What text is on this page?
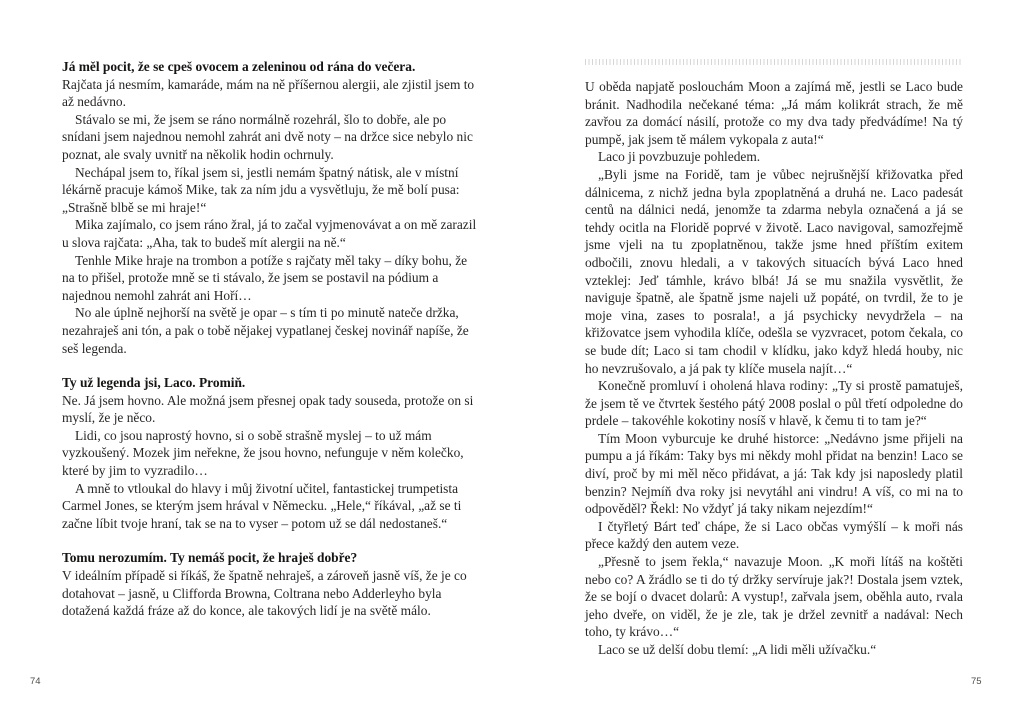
Já měl pocit, že se cpeš ovocem a zeleninou od rána do večera.

Rajčata já nesmím, kamaráde, mám na ně příšernou alergii, ale zjistil jsem to až nedávno.

Stávalo se mi, že jsem se ráno normálně rozehrál, šlo to dobře, ale po snídani jsem najednou nemohl zahrát ani dvě noty – na držce sice nebylo nic poznat, ale svaly uvnitř na několik hodin ochrnuly.

Nechápal jsem to, říkal jsem si, jestli nemám špatný nátisk, ale v místní lékárně pracuje kámoš Mike, tak za ním jdu a vysvětluju, že mě bolí pusa: „Strašně blbě se mi hraje!“

Mika zajímalo, co jsem ráno žral, já to začal vyjmenovávat a on mě zarazil u slova rajčata: „Aha, tak to budeš mít alergii na ně.“

Tenhle Mike hraje na trombon a potíže s rajčaty měl taky – díky bohu, že na to přišel, protože mně se ti stávalo, že jsem se postavil na pódium a najednou nemohl zahrát ani Hoří…

No ale úplně nejhorší na světě je opar – s tím ti po minutě nateče držka, nezahraješ ani tón, a pak o tobě nějakej vypatlanej českej novinář napíše, že seš legenda.

Ty už legenda jsi, Laco. Promiň.

Ne. Já jsem hovno. Ale možná jsem přesnej opak tady souseda, protože on si myslí, že je něco.

Lidi, co jsou naprostý hovno, si o sobě strašně myslej – to už mám vyzkoušený. Mozek jim neřekne, že jsou hovno, nefunguje v něm kolečko, které by jim to vyzradilo…

A mně to vtloukal do hlavy i můj životní učitel, fantastickej trumpetista Carmel Jones, se kterým jsem hrával v Německu. „Hele,“ říkával, „až se ti začne líbit tvoje hraní, tak se na to vyser – potom už se dál nedostaneš.“

Tomu nerozumím. Ty nemáš pocit, že hraješ dobře?

V ideálním případě si říkáš, že špatně nehraješ, a zároveň jasně víš, že je co dotahovat – jasně, u Clifforda Browna, Coltrana nebo Adderleyho byla dotažená každá fráze až do konce, ale takových lidí je na světě málo.

U oběda napjatě poslouchám Moon a zajímá mě, jestli se Laco bude bránit. Nadhodila nečekané téma: „Já mám kolikrát strach, že mě zavřou za domácí násilí, protože co my dva tady předvádíme! Na tý pumpě, jak jsem tě málem vykopala z auta!“

Laco ji povzbuzuje pohledem.

„Byli jsme na Foridě, tam je vůbec nejrušnější křižovatka před dálnicema, z nichž jedna byla zpoplatněná a druhá ne. Laco padesát centů na dálnici nedá, jenomže ta zdarma nebyla označená a já se tehdy ocitla na Floridě poprvé v životě. Laco navigoval, samozřejmě jsme vjeli na tu zpoplatněnou, takže jsme hned příštím exitem odbočili, znovu hledali, a v takových situacích bývá Laco hned vzteklej: Jeď támhle, krávo blbá! Já se mu snažila vysvětlit, že naviguje špatně, ale špatně jsme najeli už popáté, on tvrdil, že to je moje vina, zases to posrala!, a já psychicky nevydržela – na křižovatce jsem vyhodila klíče, odešla se vyzvracet, potom čekala, co se bude dít; Laco si tam chodil v klídku, jako když hledá houby, nic ho nevzrušovalo, a já pak ty klíče musela najít…“

Konečně promluví i oholená hlava rodiny: „Ty si prostě pamatuješ, že jsem tě ve čtvrtek šestého pátý 2008 poslal o půl třetí odpoledne do prdele – takovéhle kokotiny nosíš v hlavě, k čemu ti to tam je?“

Tím Moon vyburcuje ke druhé historce: „Nedávno jsme přijeli na pumpu a já říkám: Taky bys mi někdy mohl přidat na benzin! Laco se diví, proč by mi měl něco přidávat, a já: Tak kdy jsi naposledy platil benzin? Nejmíň dva roky jsi nevytáhl ani vindru! A víš, co mi na to odpověděl? Řekl: No vždyť já taky nikam nejezdím!“

I čtyřletý Bárt teď chápe, že si Laco občas vymýšlí – k moři nás přece každý den autem veze.

„Přesně to jsem řekla,“ navazuje Moon. „K moři lítáš na koštěti nebo co? A žrádlo se ti do tý držky servíruje jak?! Dostala jsem vztek, že se bojí o dvacet dolarů: A vystup!, zařvala jsem, oběhla auto, rvala jeho dveře, on viděl, že je zle, tak je držel zevnitř a nadával: Nech toho, ty krávo…“

Laco se už delší dobu tlemí: „A lidi měli užívačku.“

74	75
